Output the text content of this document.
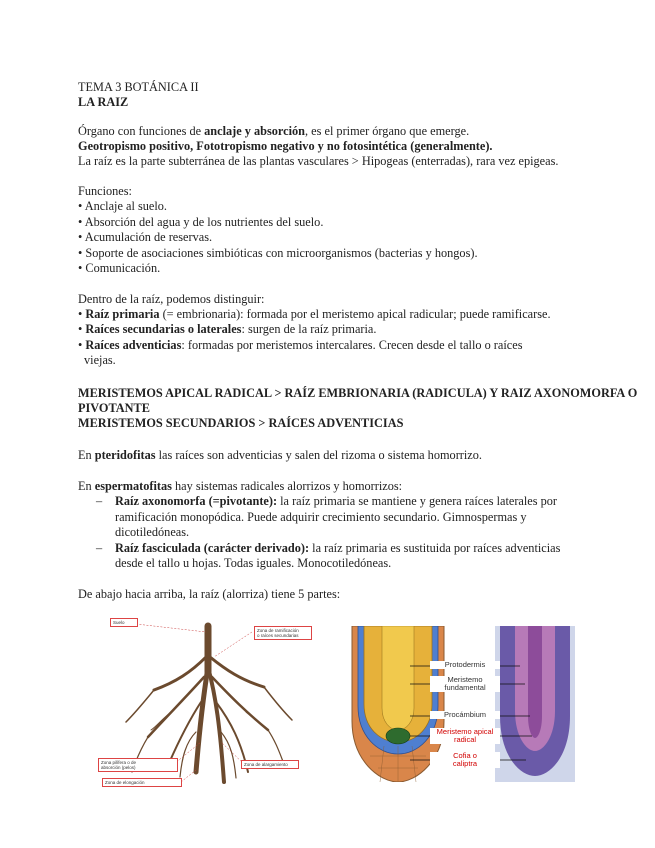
TEMA 3 BOTÁNICA II
LA RAIZ
Órgano con funciones de anclaje y absorción, es el primer órgano que emerge.
Geotropismo positivo, Fototropismo negativo y no fotosintética (generalmente).
La raíz es la parte subterránea de las plantas vasculares > Hipogeas (enterradas), rara vez epigeas.
Funciones:
• Anclaje al suelo.
• Absorción del agua y de los nutrientes del suelo.
• Acumulación de reservas.
• Soporte de asociaciones simbióticas con microorganismos (bacterias y hongos).
• Comunicación.
Dentro de la raíz, podemos distinguir:
• Raíz primaria (= embrionaria): formada por el meristemo apical radicular; puede ramificarse.
• Raíces secundarias o laterales: surgen de la raíz primaria.
• Raíces adventicias: formadas por meristemos intercalares. Crecen desde el tallo o raíces
viejas.
MERISTEMOS APICAL RADICAL > RAÍZ EMBRIONARIA (RADICULA) Y RAIZ AXONOMORFA O
PIVOTANTE
MERISTEMOS SECUNDARIOS > RAÍCES ADVENTICIAS
En pteridofitas las raíces son adventicias y salen del rizoma o sistema homorrizo.
En espermatofitas hay sistemas radicales alorrizos y homorrizos:
– Raíz axonomorfa (=pivotante): la raíz primaria se mantiene y genera raíces laterales por
ramificación monopódica. Puede adquirir crecimiento secundario. Gimnospermas y
dicotiledóneas.
– Raíz fasciculada (carácter derivado): la raíz primaria es sustituida por raíces adventicias
desde el tallo u hojas. Todas iguales. Monocotiledóneas.
De abajo hacia arriba, la raíz (alorriza) tiene 5 partes:
Suelo
Zona de ramificación
o raíces secundarias
Zona pilífera o de
absorción (pelos)
Zona de alargamiento
Zona de elongación
Protodermis
Meristemo
fundamental
Procámbium
Meristemo apical
radical
Cofia o
caliptra
